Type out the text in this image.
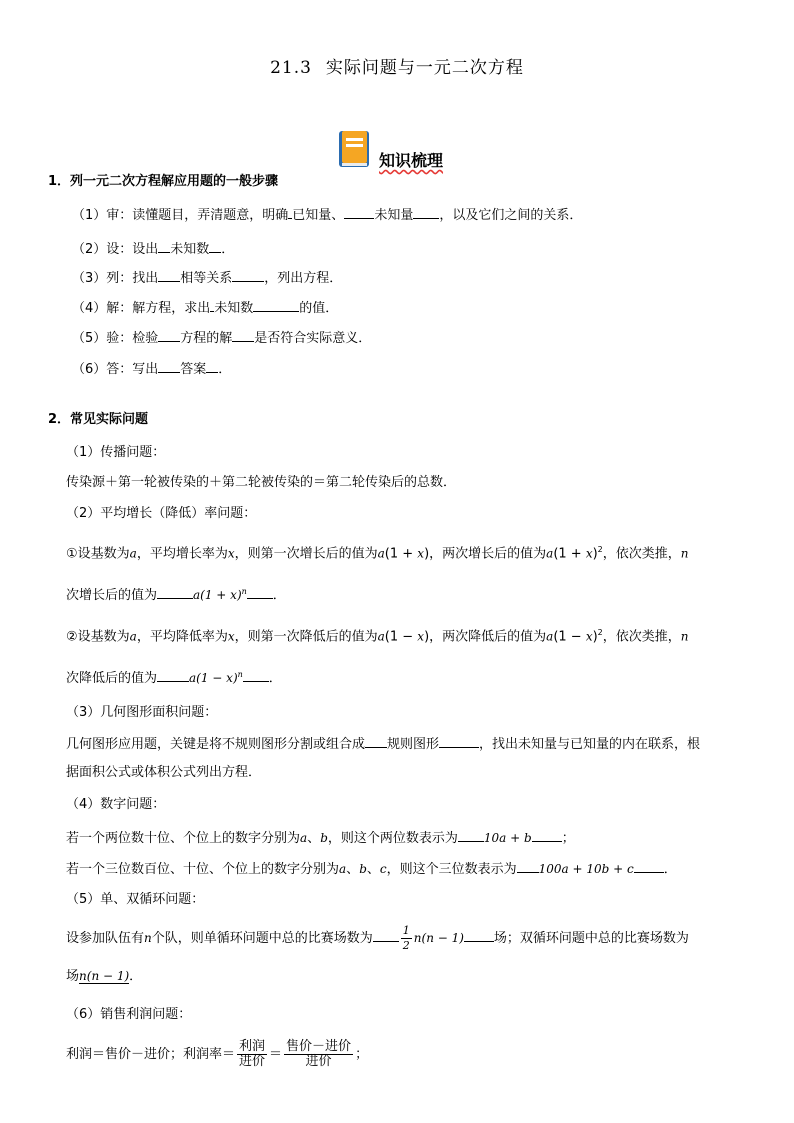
21.3 实际问题与一元二次方程
知识梳理
1．列一元二次方程解应用题的一般步骤
（1）审：读懂题目，弄清题意，明确 已知量、 未知量 ，以及它们之间的关系．
（2）设：设出 未知数 ．
（3）列：找出 相等关系 ，列出方程．
（4）解：解方程，求出 未知数	的值．
（5）验：检验 方程的解 是否符合实际意义．
（6）答：写出 答案 ．
2．常见实际问题
（1）传播问题：
传染源＋第一轮被传染的＋第二轮被传染的＝第二轮传染后的总数．
（2）平均增长（降低）率问题：
①设基数为a，平均增长率为x，则第一次增长后的值为a(1 + x)，两次增长后的值为$a(1 + x)^2$，依次类推，n
次增长后的值为	$a(1 + x)^n$ ．
②设基数为a，平均降低率为x，则第一次降低后的值为a(1 − x)，两次降低后的值为$a(1 - x)^2$，依次类推，n
次降低后的值为	$a(1 - x)^n$ ．
（3）几何图形面积问题：
几何图形应用题，关键是将不规则图形分割或组合成 规则图形	，找出未知量与已知量的内在联系，根
据面积公式或体积公式列出方程．
（4）数字问题：
若一个两位数十位、个位上的数字分别为a、b，则这个两位数表示为 10a + b ；
若一个三位数百位、十位、个位上的数字分别为a、b、c，则这个三位数表示为 100a + 10b + c ．
（5）单、双循环问题：
设参加队伍有n个队，则单循环问题中总的比赛场数为	$\frac{1}{2} n(n - 1)$ 场；双循环问题中总的比赛场数为
场n(n − 1)．
（6）销售利润问题：
利润＝售价－进价；利润率＝ $\frac{\text{利润}}{\text{进价}} = \frac{\text{售价－进价}}{\text{进价}}$ ；
